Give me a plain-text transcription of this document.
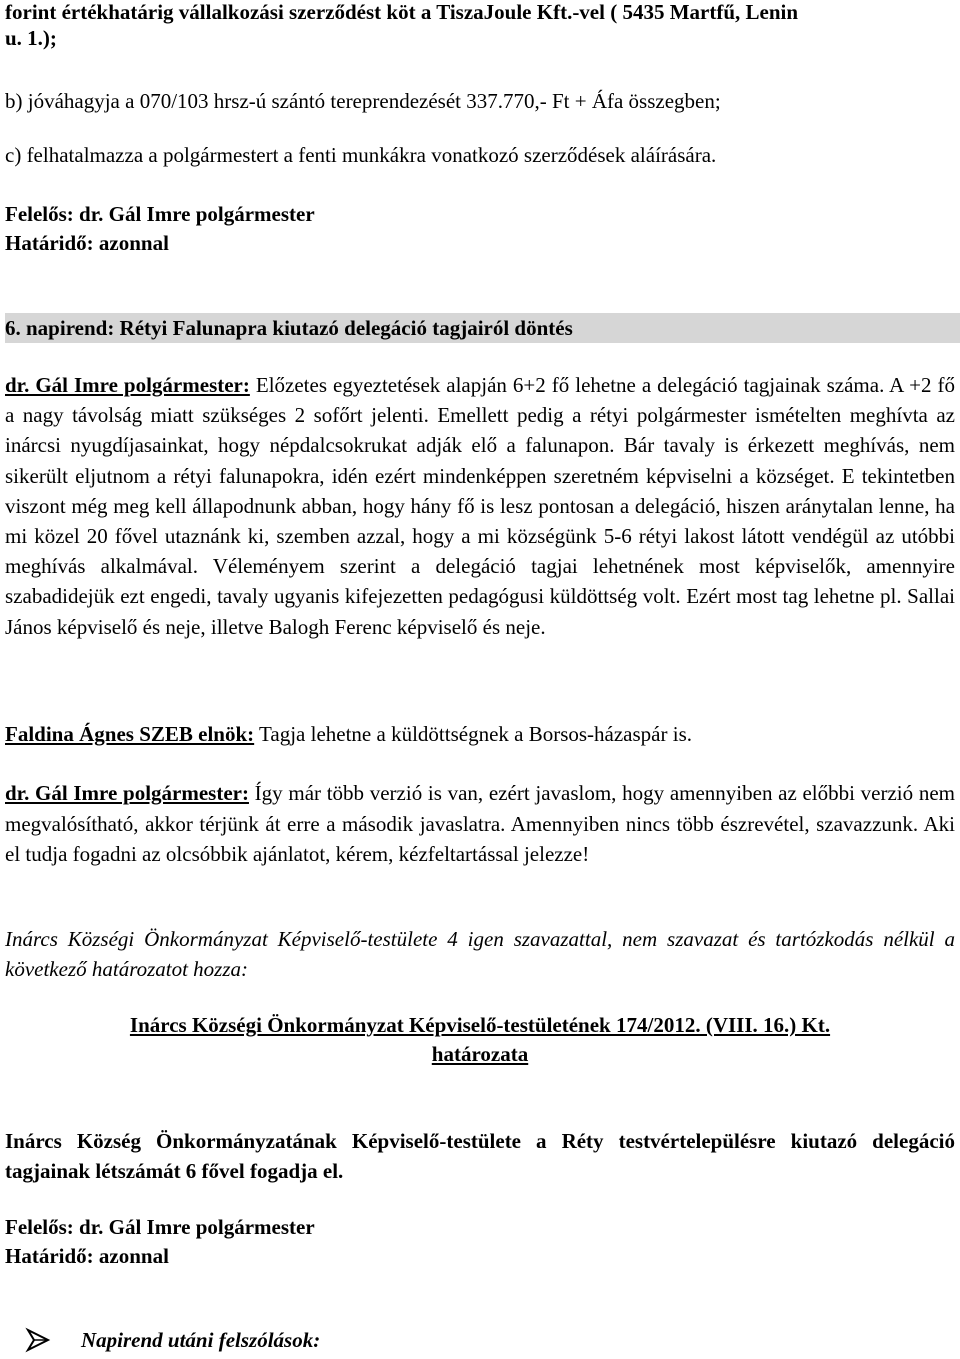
forint értékhatárig vállalkozási szerződést köt a TiszaJoule Kft.-vel ( 5435 Martfű, Lenin

u. 1.);

b) jóváhagyja a 070/103 hrsz-ú szántó tereprendezését 337.770,- Ft + Áfa összegben;

c) felhatalmazza a polgármestert a fenti munkákra vonatkozó szerződések aláírására.

Felelős: dr. Gál Imre polgármester

Határidő: azonnal

6. napirend: Rétyi Falunapra kiutazó delegáció tagjairól döntés

dr. Gál Imre polgármester: Előzetes egyeztetések alapján 6+2 fő lehetne a delegáció tagjainak száma. A +2 fő a nagy távolság miatt szükséges 2 sofőrt jelenti. Emellett pedig a rétyi polgármester ismételten meghívta az inárcsi nyugdíjasainkat, hogy népdalcsokrukat adják elő a falunapon. Bár tavaly is érkezett meghívás, nem sikerült eljutnom a rétyi falunapokra, idén ezért mindenképpen szeretném képviselni a községet. E tekintetben viszont még meg kell állapodnunk abban, hogy hány fő is lesz pontosan a delegáció, hiszen aránytalan lenne, ha mi közel 20 fővel utaznánk ki, szemben azzal, hogy a mi községünk 5-6 rétyi lakost látott vendégül az utóbbi meghívás alkalmával. Véleményem szerint a delegáció tagjai lehetnének most képviselők, amennyire szabadidejük ezt engedi, tavaly ugyanis kifejezetten pedagógusi küldöttség volt. Ezért most tag lehetne pl. Sallai János képviselő és neje, illetve Balogh Ferenc képviselő és neje.

Faldina Ágnes SZEB elnök: Tagja lehetne a küldöttségnek a Borsos-házaspár is.

dr. Gál Imre polgármester: Így már több verzió is van, ezért javaslom, hogy amennyiben az előbbi verzió nem megvalósítható, akkor térjünk át erre a második javaslatra. Amennyiben nincs több észrevétel, szavazzunk. Aki el tudja fogadni az olcsóbbik ajánlatot, kérem, kézfeltartással jelezze!

Inárcs Községi Önkormányzat Képviselő-testülete 4 igen szavazattal, nem szavazat és tartózkodás nélkül a következő határozatot hozza:

Inárcs Községi Önkormányzat Képviselő-testületének 174/2012. (VIII. 16.) Kt.

határozata

Inárcs Község Önkormányzatának Képviselő-testülete a Réty testvértelepülésre kiutazó delegáció tagjainak létszámát 6 fővel fogadja el.

Felelős: dr. Gál Imre polgármester

Határidő: azonnal

Napirend utáni felszólások:
